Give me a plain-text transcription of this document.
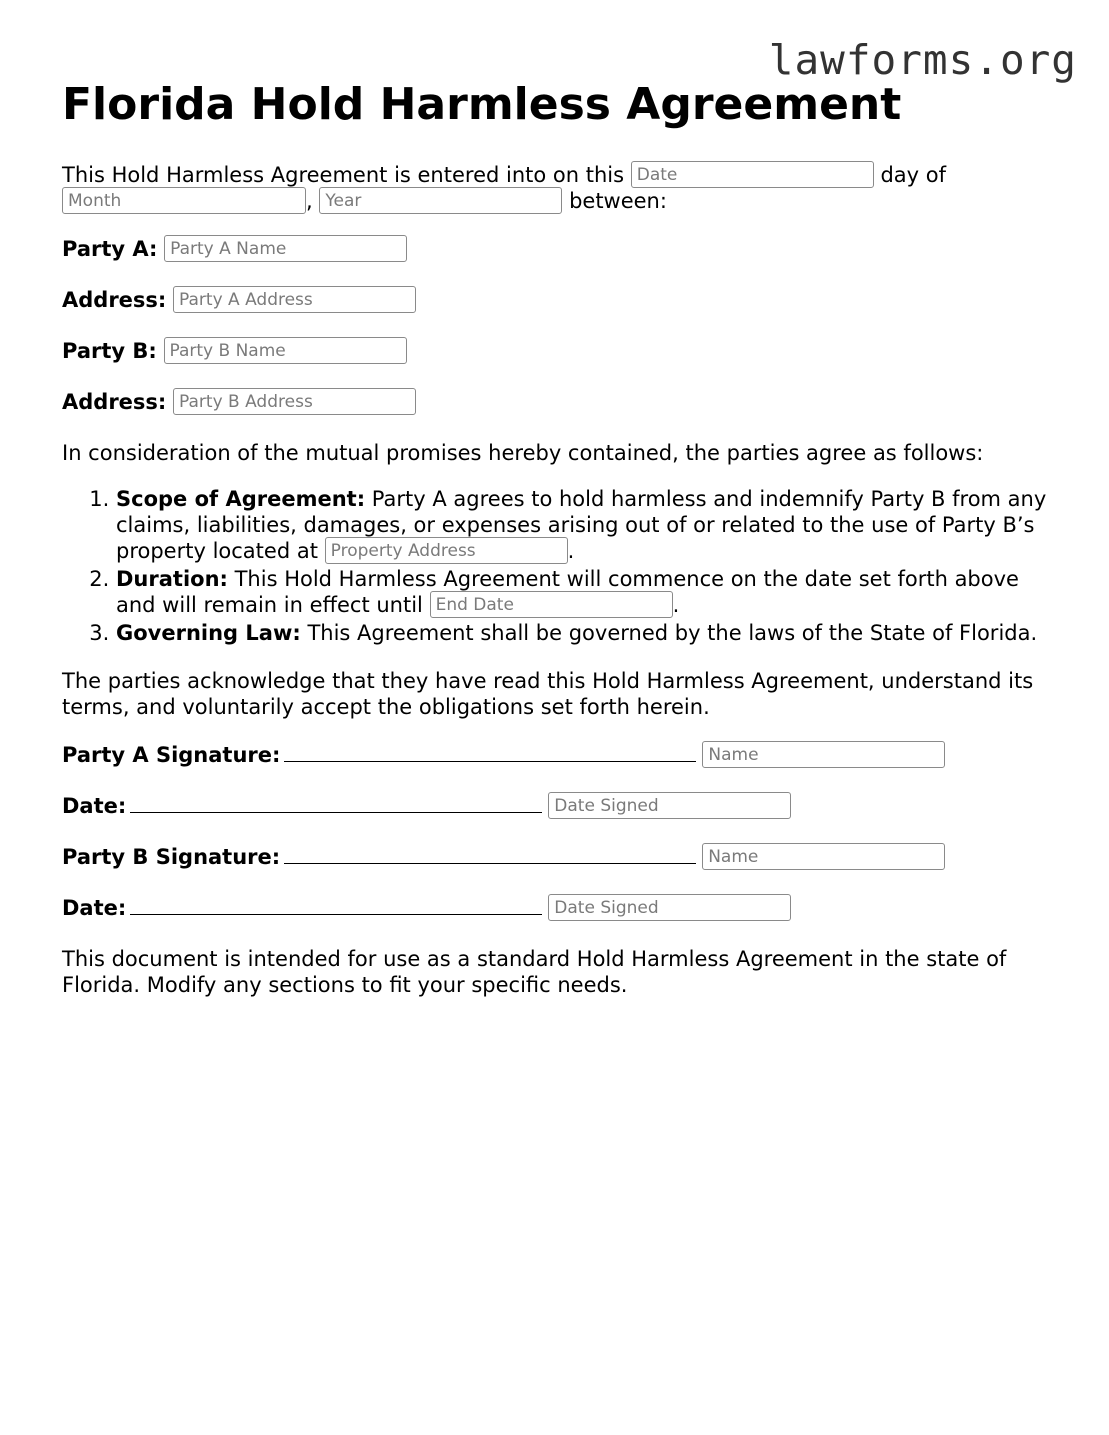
lawforms.org
Florida Hold Harmless Agreement

This Hold Harmless Agreement is entered into on this Date	day of Month, Year	between:

Party A: Party A Name
Address: Party A Address
Party B: Party B Name
Address: Party B Address

In consideration of the mutual promises hereby contained, the parties agree as follows:

1. Scope of Agreement: Party A agrees to hold harmless and indemnify Party B from any claims, liabilities, damages, or expenses arising out of or related to the use of Party B’s property located at Property Address	.
2. Duration: This Hold Harmless Agreement will commence on the date set forth above and will remain in effect until End Date	.
3. Governing Law: This Agreement shall be governed by the laws of the State of Florida.

The parties acknowledge that they have read this Hold Harmless Agreement, understand its terms, and voluntarily accept the obligations set forth herein.

Party A Signature:Name
Date:Date Signed
Party B Signature:Name
Date:Date Signed

This document is intended for use as a standard Hold Harmless Agreement in the state of Florida. Modify any sections to fit your specific needs.
